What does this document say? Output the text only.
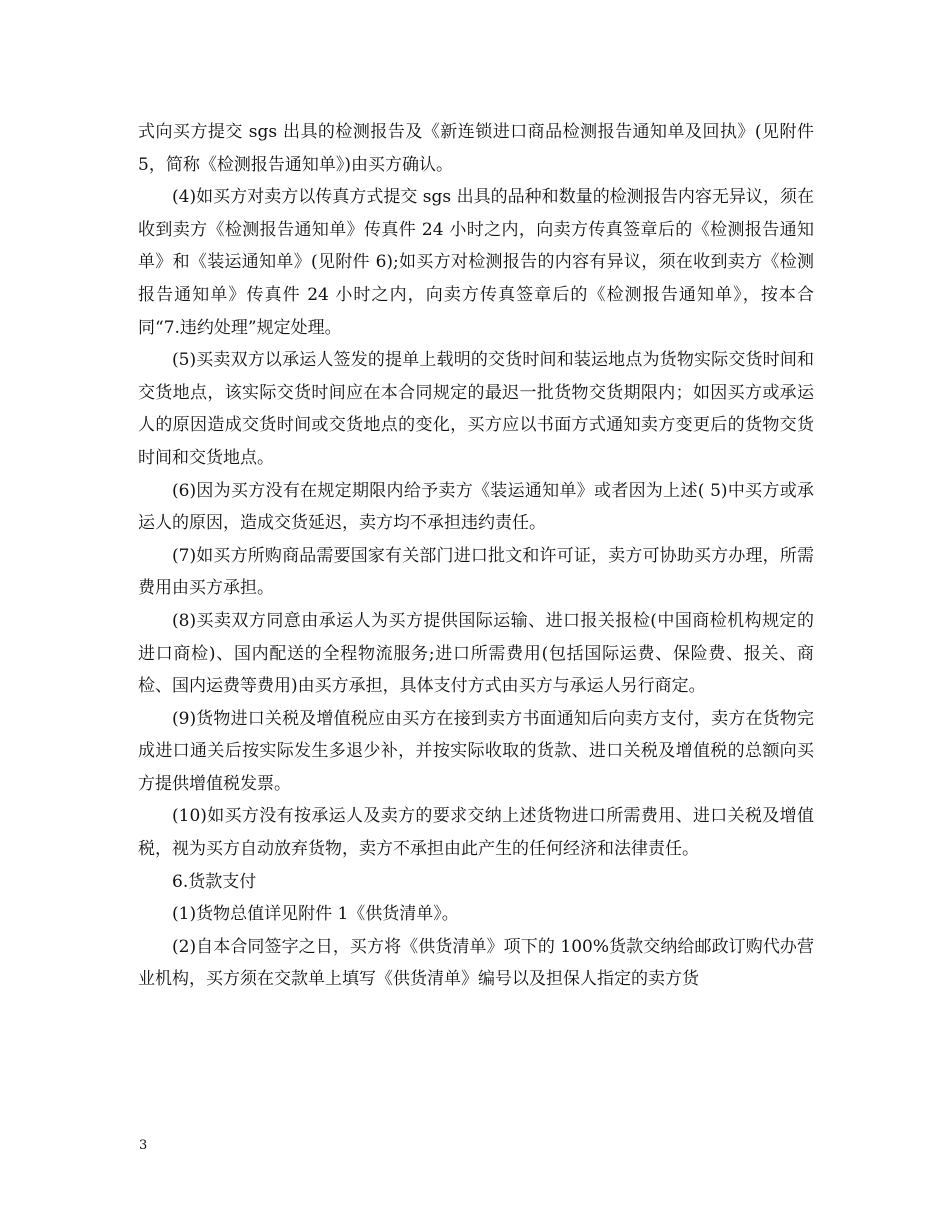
式向买方提交 sgs 出具的检测报告及《新连锁进口商品检测报告通知单及回执》(见附件 5，简称《检测报告通知单》)由买方确认。

(4)如买方对卖方以传真方式提交 sgs 出具的品种和数量的检测报告内容无异议，须在收到卖方《检测报告通知单》传真件 24 小时之内，向卖方传真签章后的《检测报告通知单》和《装运通知单》(见附件 6);如买方对检测报告的内容有异议，须在收到卖方《检测报告通知单》传真件 24 小时之内，向卖方传真签章后的《检测报告通知单》，按本合同“7.违约处理”规定处理。

(5)买卖双方以承运人签发的提单上载明的交货时间和装运地点为货物实际交货时间和交货地点，该实际交货时间应在本合同规定的最迟一批货物交货期限内；如因买方或承运人的原因造成交货时间或交货地点的变化，买方应以书面方式通知卖方变更后的货物交货时间和交货地点。

(6)因为买方没有在规定期限内给予卖方《装运通知单》或者因为上述( 5)中买方或承运人的原因，造成交货延迟，卖方均不承担违约责任。

(7)如买方所购商品需要国家有关部门进口批文和许可证，卖方可协助买方办理，所需费用由买方承担。

(8)买卖双方同意由承运人为买方提供国际运输、进口报关报检(中国商检机构规定的进口商检)、国内配送的全程物流服务;进口所需费用(包括国际运费、保险费、报关、商检、国内运费等费用)由买方承担，具体支付方式由买方与承运人另行商定。

(9)货物进口关税及增值税应由买方在接到卖方书面通知后向卖方支付，卖方在货物完成进口通关后按实际发生多退少补，并按实际收取的货款、进口关税及增值税的总额向买方提供增值税发票。

(10)如买方没有按承运人及卖方的要求交纳上述货物进口所需费用、进口关税及增值税，视为买方自动放弃货物，卖方不承担由此产生的任何经济和法律责任。

6.货款支付

(1)货物总值详见附件 1《供货清单》。

(2)自本合同签字之日，买方将《供货清单》项下的 100%货款交纳给邮政订购代办营业机构，买方须在交款单上填写《供货清单》编号以及担保人指定的卖方货

3
